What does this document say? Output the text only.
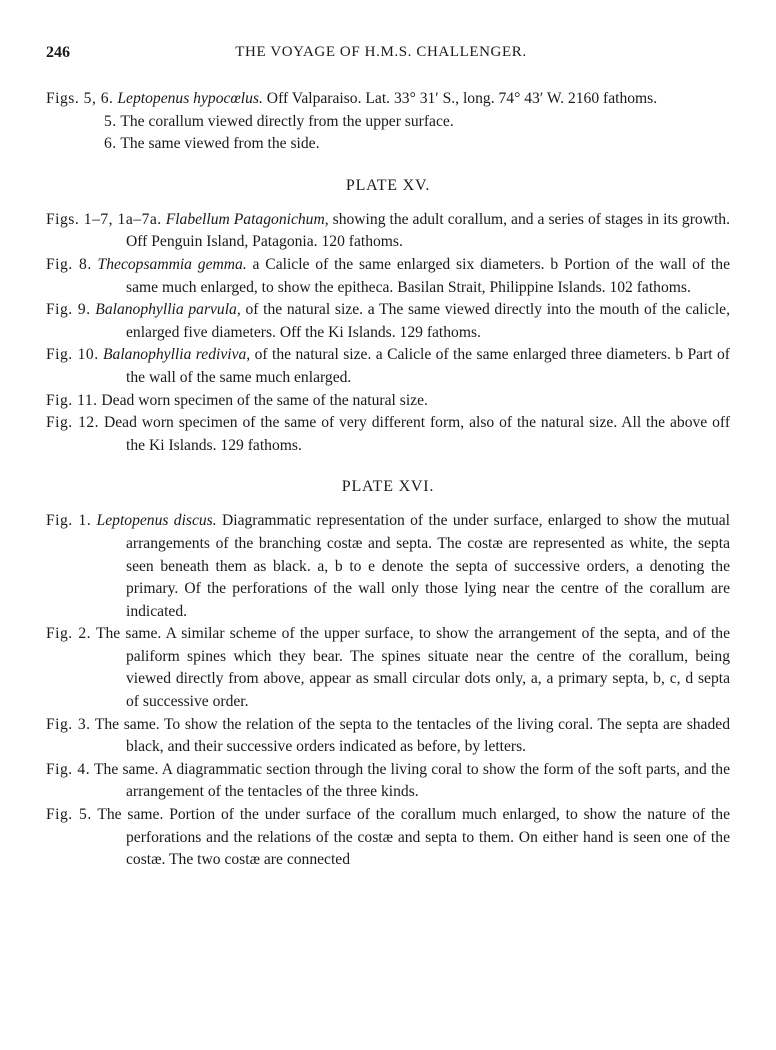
246	THE VOYAGE OF H.M.S. CHALLENGER.

Figs. 5, 6. Leptopenus hypocœlus. Off Valparaiso. Lat. 33° 31′ S., long. 74° 43′ W. 2160 fathoms.

5. The corallum viewed directly from the upper surface.

6. The same viewed from the side.

PLATE XV.

Figs. 1–7, 1a–7a. Flabellum Patagonichum, showing the adult corallum, and a series of stages in its growth. Off Penguin Island, Patagonia. 120 fathoms.

Fig. 8. Thecopsammia gemma. a Calicle of the same enlarged six diameters. b Portion of the wall of the same much enlarged, to show the epitheca. Basilan Strait, Philippine Islands. 102 fathoms.

Fig. 9. Balanophyllia parvula, of the natural size. a The same viewed directly into the mouth of the calicle, enlarged five diameters. Off the Ki Islands. 129 fathoms.

Fig. 10. Balanophyllia rediviva, of the natural size. a Calicle of the same enlarged three diameters. b Part of the wall of the same much enlarged.

Fig. 11. Dead worn specimen of the same of the natural size.

Fig. 12. Dead worn specimen of the same of very different form, also of the natural size. All the above off the Ki Islands. 129 fathoms.

PLATE XVI.

Fig. 1. Leptopenus discus. Diagrammatic representation of the under surface, enlarged to show the mutual arrangements of the branching costæ and septa. The costæ are represented as white, the septa seen beneath them as black. a, b to e denote the septa of successive orders, a denoting the primary. Of the perforations of the wall only those lying near the centre of the corallum are indicated.

Fig. 2. The same. A similar scheme of the upper surface, to show the arrangement of the septa, and of the paliform spines which they bear. The spines situate near the centre of the corallum, being viewed directly from above, appear as small circular dots only, a, a primary septa, b, c, d septa of successive order.

Fig. 3. The same. To show the relation of the septa to the tentacles of the living coral. The septa are shaded black, and their successive orders indicated as before, by letters.

Fig. 4. The same. A diagrammatic section through the living coral to show the form of the soft parts, and the arrangement of the tentacles of the three kinds.

Fig. 5. The same. Portion of the under surface of the corallum much enlarged, to show the nature of the perforations and the relations of the costæ and septa to them. On either hand is seen one of the costæ. The two costæ are connected
